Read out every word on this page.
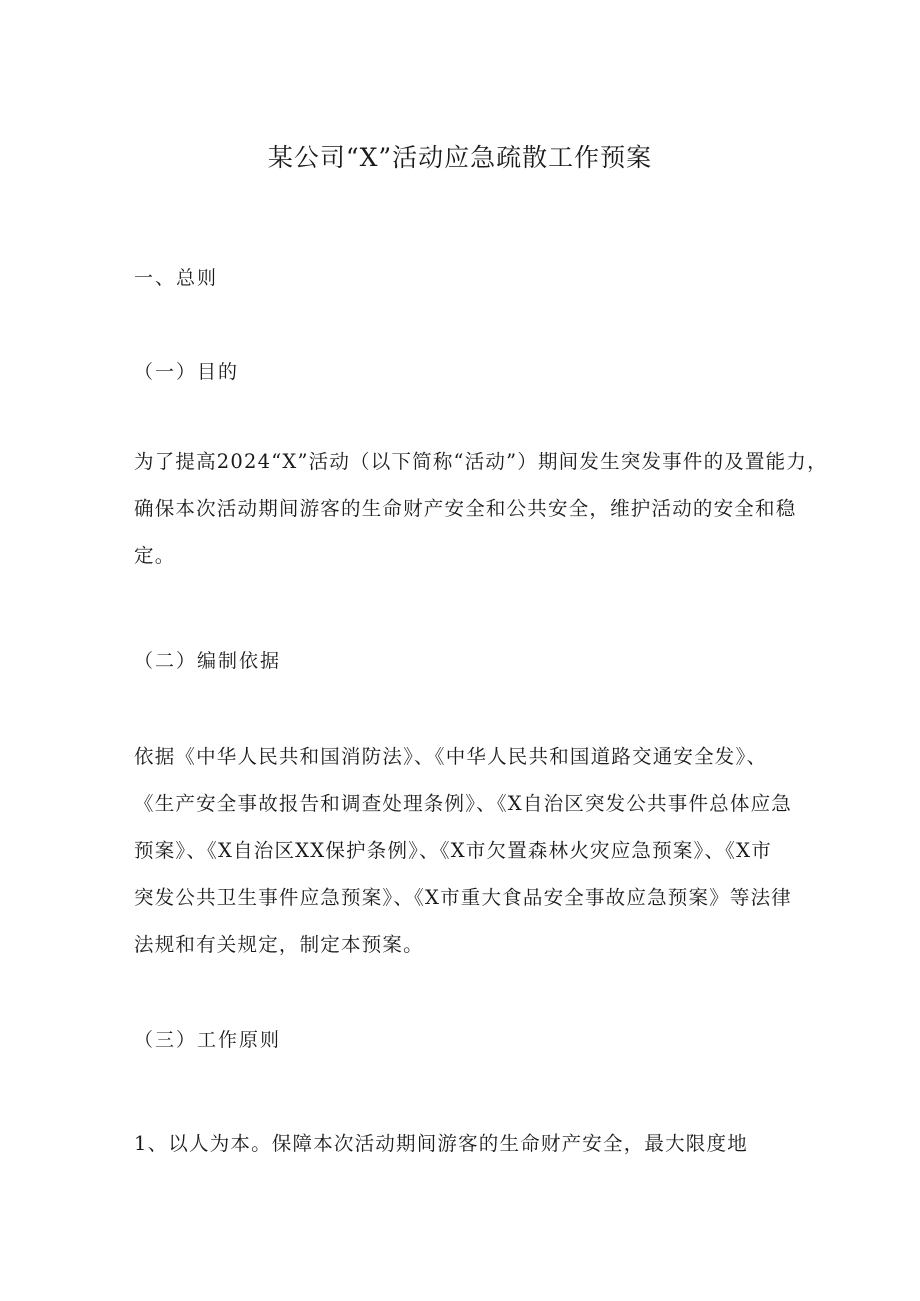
某公司“X”活动应急疏散工作预案
一、总则
（一）目的
为了提高2024“X”活动（以下简称“活动”）期间发生突发事件的及置能力，
确保本次活动期间游客的生命财产安全和公共安全，维护活动的安全和稳
定。
（二）编制依据
依据《中华人民共和国消防法》、《中华人民共和国道路交通安全发》、
《生产安全事故报告和调查处理条例》、《X自治区突发公共事件总体应急
预案》、《X自治区XX保护条例》、《X市欠置森林火灾应急预案》、《X市
突发公共卫生事件应急预案》、《X市重大食品安全事故应急预案》等法律
法规和有关规定，制定本预案。
（三）工作原则
1、以人为本。保障本次活动期间游客的生命财产安全，最大限度地
